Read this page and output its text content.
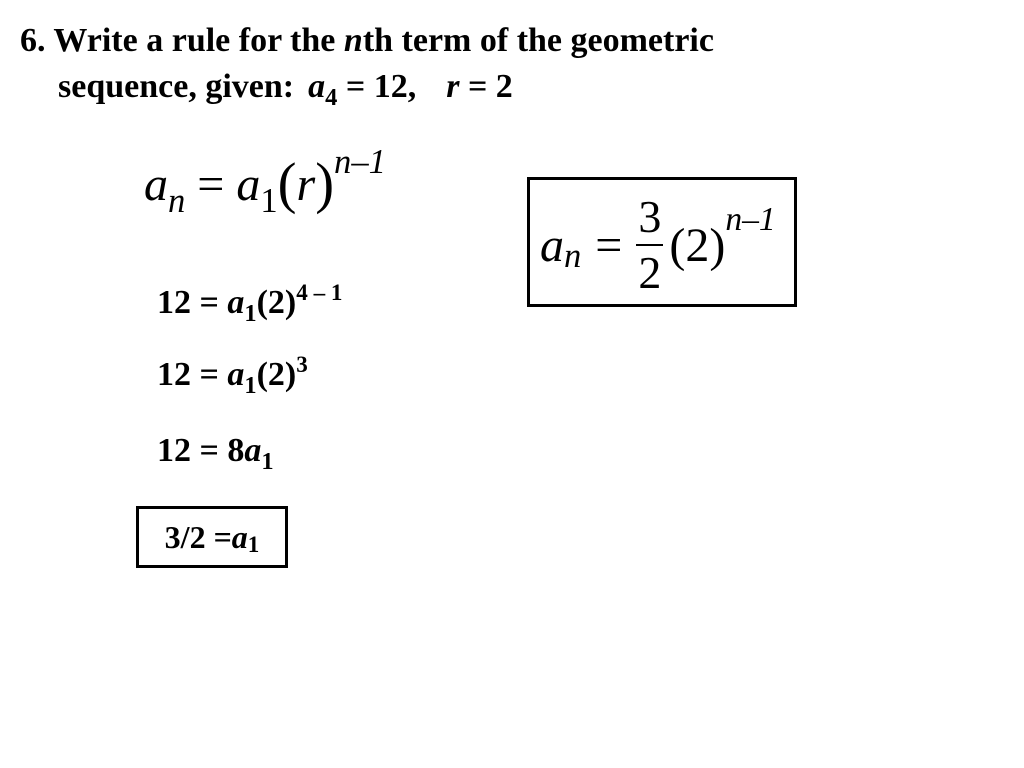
6. Write a rule for the nth term of the geometric
sequence, given: $a_4 = 12$, r = 2
$a_n = a_1(r)^{n-1}$
$12 = a_1(2)^{4 - 1}$
$12 = a_1(2)^3$
$12 = 8a_1$
3/2 = a 1
a $n = \frac{3}{2} (2)$ n–1
